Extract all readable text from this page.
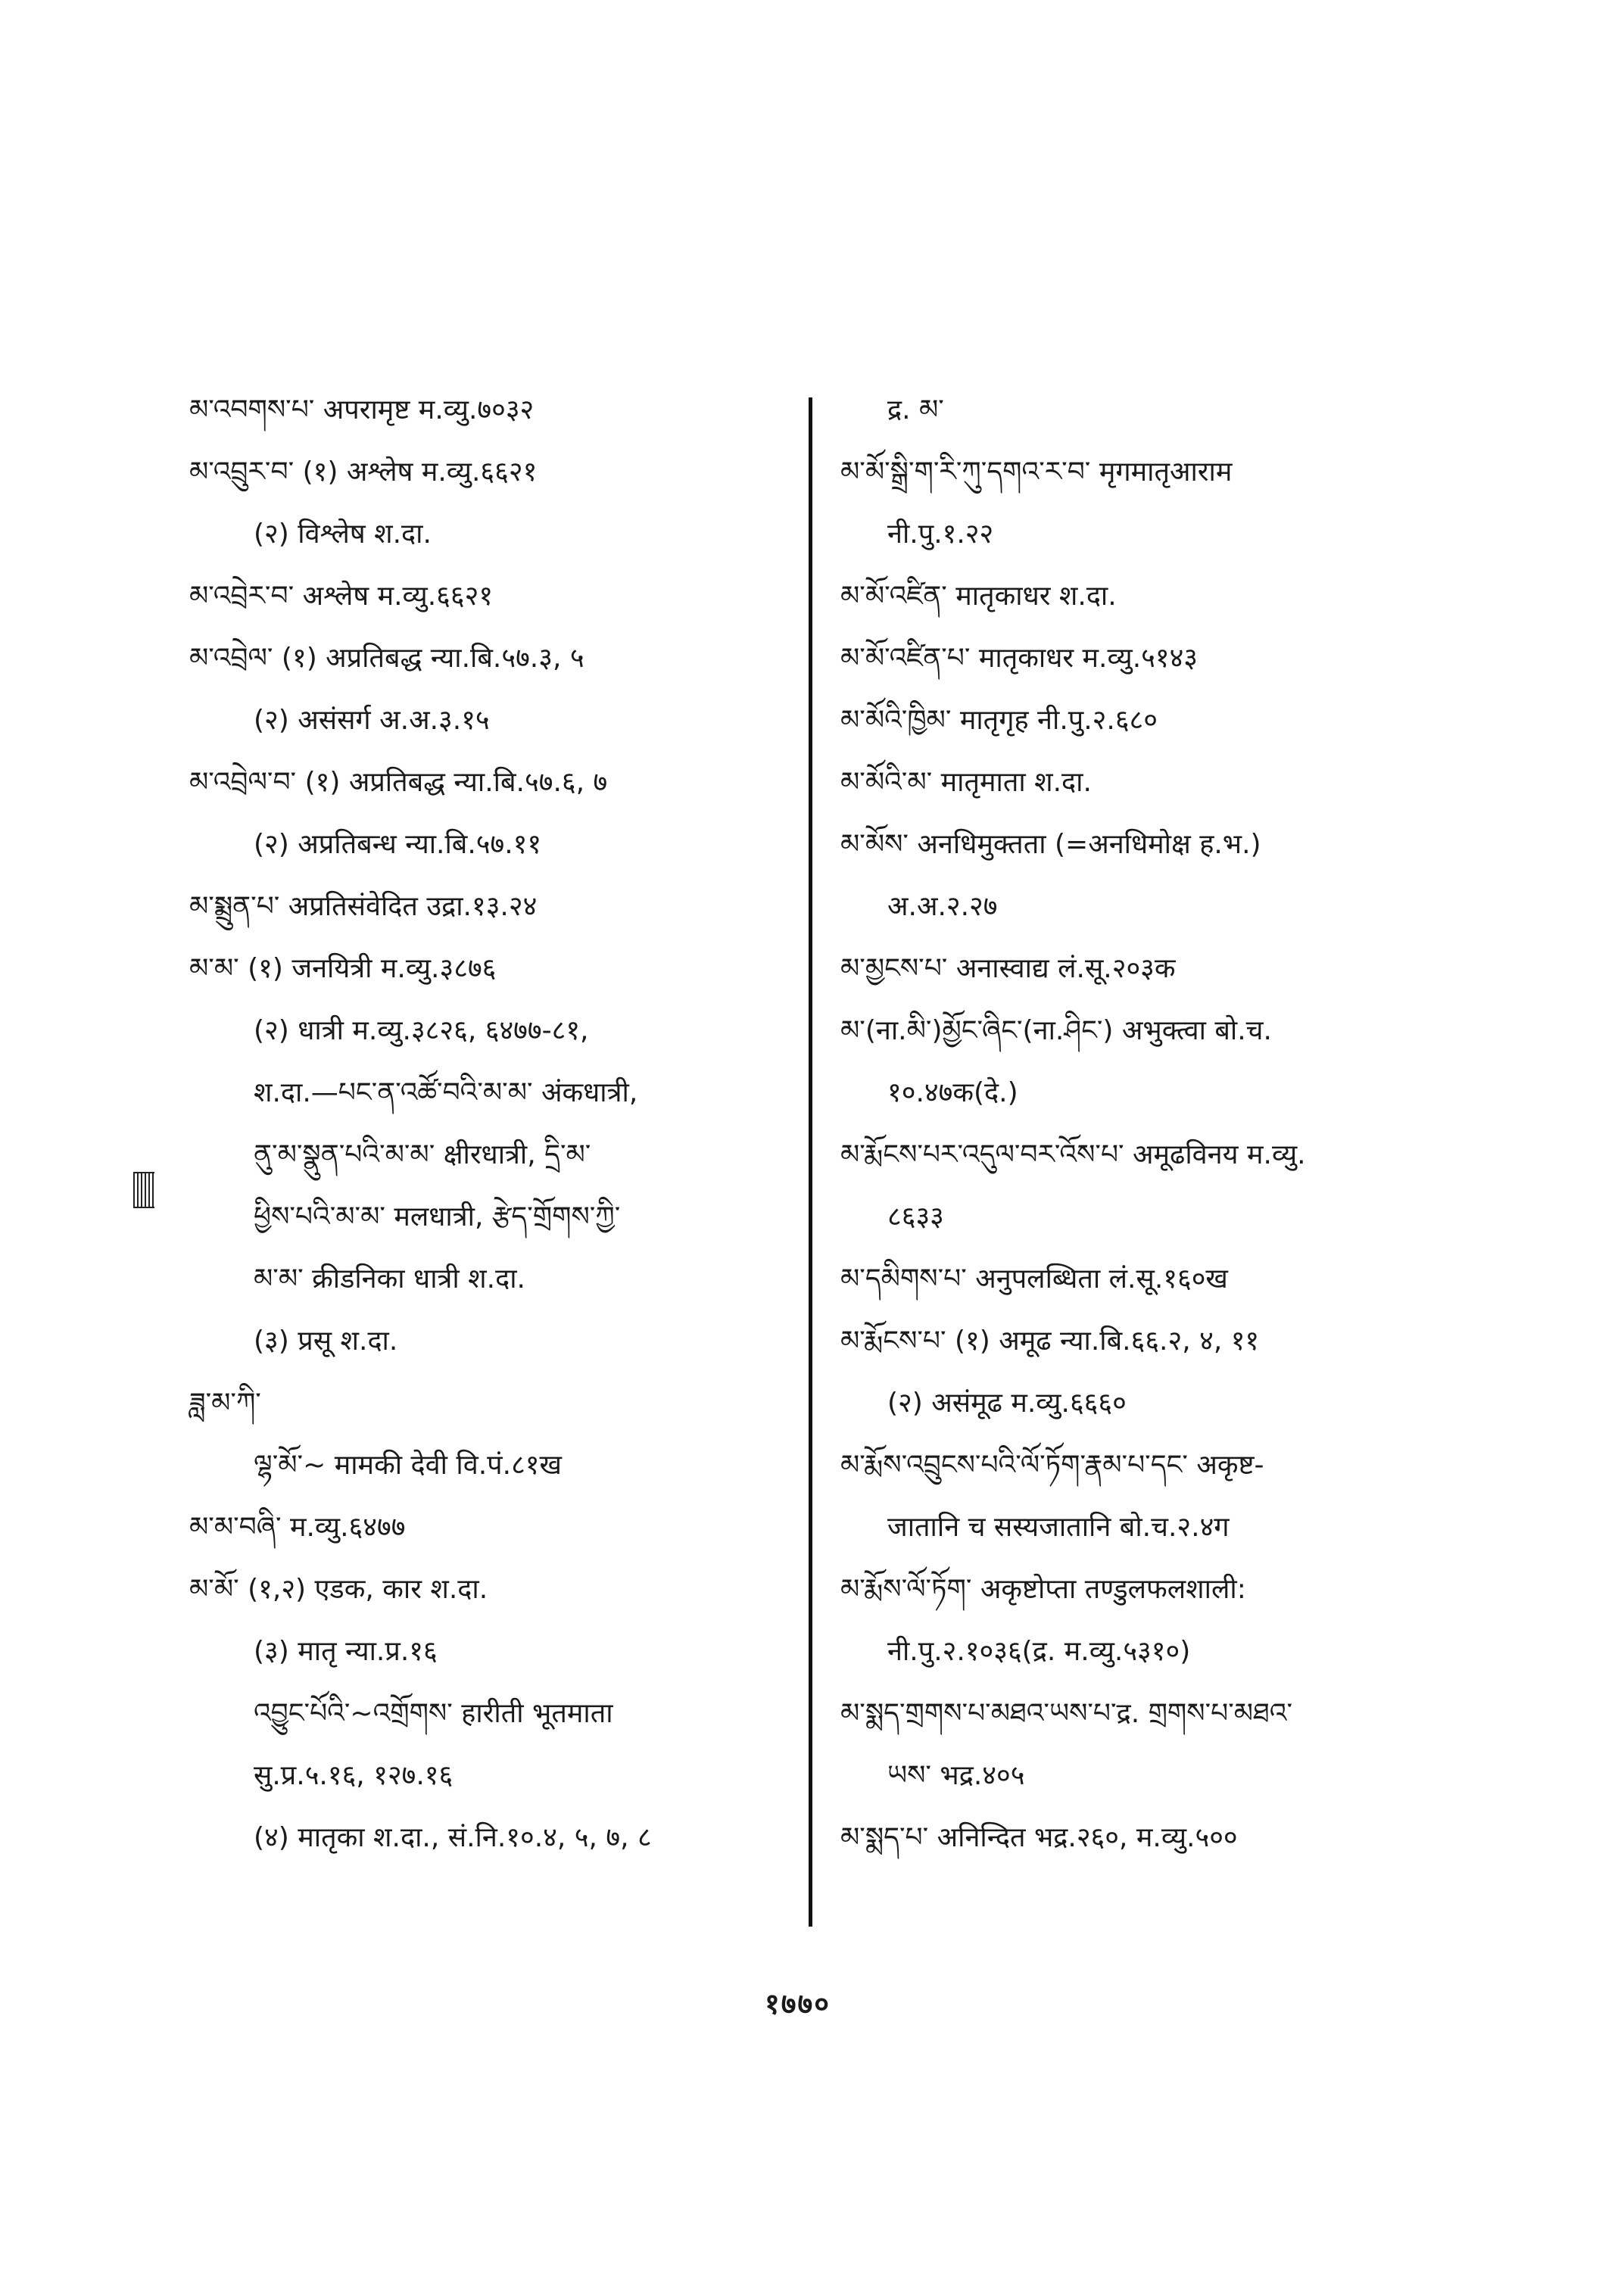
མ་འབགས་པ་ अपरामृष्ट म.व्यु.७०३२
མ་འབྲུར་བ་ (१) अश्लेष म.व्यु.६६२१
(२) विश्लेष श.दा.
མ་འབྲེར་བ་ अश्लेष म.व्यु.६६२१
མ་འབྲེལ་ (१) अप्रतिबद्ध न्या.बि.५७.३, ५
(२) असंसर्ग अ.अ.३.१५
མ་འབྲེལ་བ་ (१) अप्रतिबद्ध न्या.बि.५७.६, ७
(२) अप्रतिबन्ध न्या.बि.५७.११
མ་སྨྲུན་པ་ अप्रतिसंवेदित उद्रा.१३.२४
མ་མ་ (१) जनयित्री म.व्यु.३८७६
(२) धात्री म.व्यु.३८२६, ६४७७-८१,
श.दा.—པང་ན་འཚོ་བའི་མ་མ་ अंकधात्री,
ནུ་མ་སྣུན་པའི་མ་མ་ क्षीरधात्री, དྲི་མ་
ཕྱིས་པའི་མ་མ་ मलधात्री, རྩེད་གྲོགས་ཀྱི་
མ་མ་ क्रीडनिका धात्री श.दा.
(३) प्रसू श.दा.
ཟླ་མ་ཀི་
ལྷ་མོ་~ मामकी देवी वि.पं.८१ख
མ་མ་བཞི་ म.व्यु.६४७७
མ་མོ་ (१,२) एडक, कार श.दा.
(३) मातृ न्या.प्र.१६
འབྱུང་པོའི་~འགྲོགས་ हारीती भूतमाता
सु.प्र.५.१६, १२७.१६
(४) मातृका श.दा., सं.नि.१०.४, ५, ७, ८
द्र. མ་
མ་མོ་སྒྲི་ག་རི་ཀུ་དགའ་ར་བ་ मृगमातृआराम
नी.पु.१.२२
མ་མོ་འཛིན་ मातृकाधर श.दा.
མ་མོ་འཛིན་པ་ मातृकाधर म.व्यु.५१४३
མ་མོའི་ཁྱིམ་ मातृगृह नी.पु.२.६८०
མ་མོའི་མ་ मातृमाता श.दा.
མ་མོས་ अनधिमुक्तता (=अनधिमोक्ष ह.भ.)
अ.अ.२.२७
མ་མྱངས་པ་ अनास्वाद्य लं.सू.२०३क
མ་(ना.མི་)མྱོང་ཞིང་(ना.ཤིང་) अभुक्त्वा बो.च.
१०.४७क(दे.)
མ་རྨོངས་པར་འདུལ་བར་འོས་པ་ अमूढविनय म.व्यु.
८६३३
མ་དམིགས་པ་ अनुपलब्धिता लं.सू.१६०ख
མ་རྨོངས་པ་ (१) अमूढ न्या.बि.६६.२, ४, ११
(२) असंमूढ म.व्यु.६६६०
མ་རྨོས་འབྲུངས་པའི་ལོ་ཏོག་རྣམ་པ་དང་ अकृष्ट-
जातानि च सस्यजातानि बो.च.२.४ग
མ་རྨོས་ལོ་ཏོག་ अकृष्टोप्ता तण्डुलफलशाली:
नी.पु.२.१०३६(द्र. म.व्यु.५३१०)
མ་སྨད་གྲགས་པ་མཐའ་ཡས་པ་द्र. གྲགས་པ་མཐའ་
ཡས་ भद्र.४०५
མ་སྨད་པ་ अनिन्दित भद्र.२६०, म.व्यु.५००
१७७०
